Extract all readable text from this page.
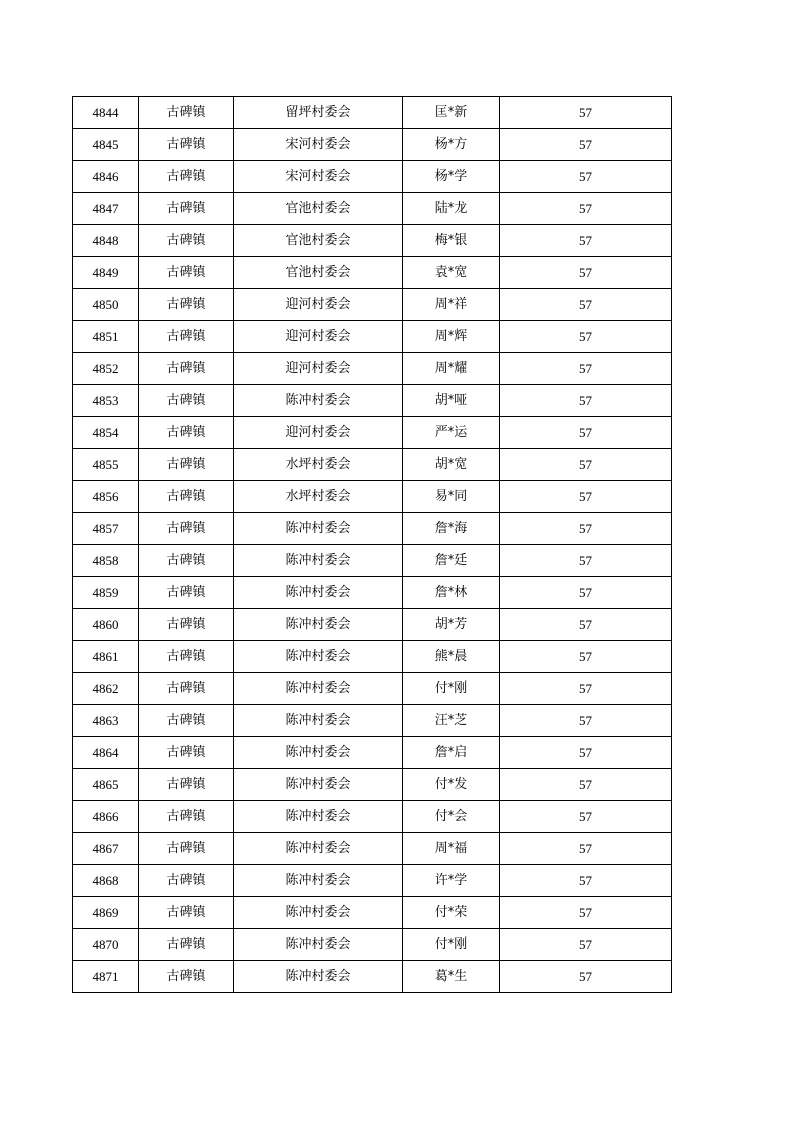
4844	古碑镇	留坪村委会	匡*新	57
4845	古碑镇	宋河村委会	杨*方	57
4846	古碑镇	宋河村委会	杨*学	57
4847	古碑镇	官池村委会	陆*龙	57
4848	古碑镇	官池村委会	梅*银	57
4849	古碑镇	官池村委会	袁*宽	57
4850	古碑镇	迎河村委会	周*祥	57
4851	古碑镇	迎河村委会	周*辉	57
4852	古碑镇	迎河村委会	周*耀	57
4853	古碑镇	陈冲村委会	胡*哑	57
4854	古碑镇	迎河村委会	严*运	57
4855	古碑镇	水坪村委会	胡*宽	57
4856	古碑镇	水坪村委会	易*同	57
4857	古碑镇	陈冲村委会	詹*海	57
4858	古碑镇	陈冲村委会	詹*廷	57
4859	古碑镇	陈冲村委会	詹*林	57
4860	古碑镇	陈冲村委会	胡*芳	57
4861	古碑镇	陈冲村委会	熊*晨	57
4862	古碑镇	陈冲村委会	付*刚	57
4863	古碑镇	陈冲村委会	汪*芝	57
4864	古碑镇	陈冲村委会	詹*启	57
4865	古碑镇	陈冲村委会	付*发	57
4866	古碑镇	陈冲村委会	付*会	57
4867	古碑镇	陈冲村委会	周*福	57
4868	古碑镇	陈冲村委会	许*学	57
4869	古碑镇	陈冲村委会	付*荣	57
4870	古碑镇	陈冲村委会	付*刚	57
4871	古碑镇	陈冲村委会	葛*生	57
